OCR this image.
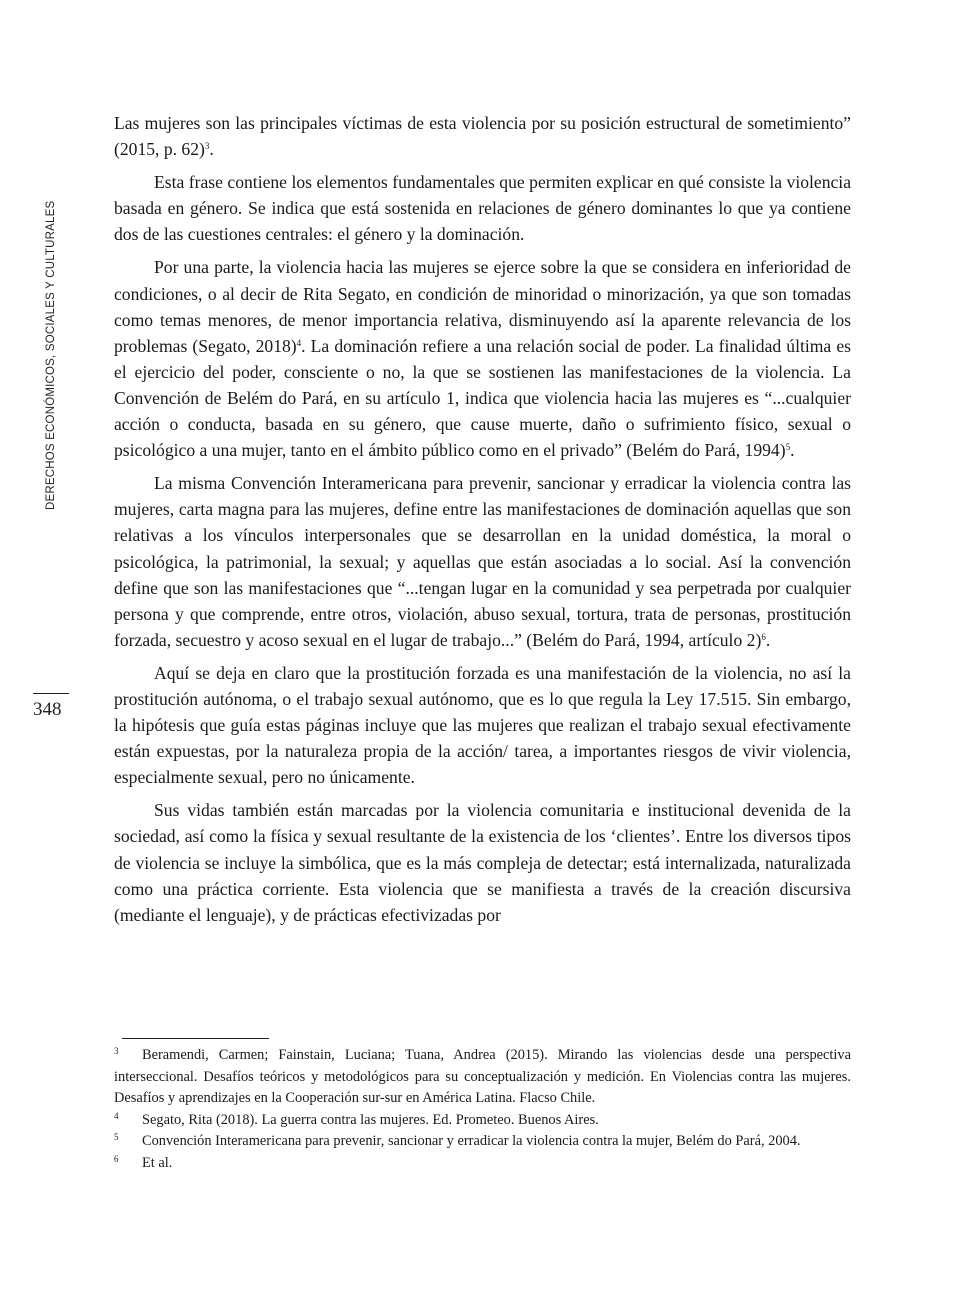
DERECHOS ECONÓMICOS, SOCIALES Y CULTURALES
348

Las mujeres son las principales víctimas de esta violencia por su posición estructural de sometimiento” (2015, p. 62)$^3$.

Esta frase contiene los elementos fundamentales que permiten explicar en qué consiste la violencia basada en género. Se indica que está sostenida en relaciones de género dominantes lo que ya contiene dos de las cuestiones centrales: el género y la dominación.

Por una parte, la violencia hacia las mujeres se ejerce sobre la que se considera en inferioridad de condiciones, o al decir de Rita Segato, en condición de minoridad o minorización, ya que son tomadas como temas menores, de menor importancia relativa, disminuyendo así la aparente relevancia de los problemas (Segato, 2018)$^4$. La dominación refiere a una relación social de poder. La finalidad última es el ejercicio del poder, consciente o no, la que se sostienen las manifestaciones de la violencia. La Convención de Belém do Pará, en su artículo 1, indica que violencia hacia las mujeres es “...cualquier acción o conducta, basada en su género, que cause muerte, daño o sufrimiento físico, sexual o psicológico a una mujer, tanto en el ámbito público como en el privado” (Belém do Pará, 1994)$^5$.

La misma Convención Interamericana para prevenir, sancionar y erradicar la violencia contra las mujeres, carta magna para las mujeres, define entre las manifestaciones de dominación aquellas que son relativas a los vínculos interpersonales que se desarrollan en la unidad doméstica, la moral o psicológica, la patrimonial, la sexual; y aquellas que están asociadas a lo social. Así la convención define que son las manifestaciones que “...tengan lugar en la comunidad y sea perpetrada por cualquier persona y que comprende, entre otros, violación, abuso sexual, tortura, trata de personas, prostitución forzada, secuestro y acoso sexual en el lugar de trabajo...” (Belém do Pará, 1994, artículo 2)$^6$.

Aquí se deja en claro que la prostitución forzada es una manifestación de la violencia, no así la prostitución autónoma, o el trabajo sexual autónomo, que es lo que regula la Ley 17.515. Sin embargo, la hipótesis que guía estas páginas incluye que las mujeres que realizan el trabajo sexual efectivamente están expuestas, por la naturaleza propia de la acción/ tarea, a importantes riesgos de vivir violencia, especialmente sexual, pero no únicamente.

Sus vidas también están marcadas por la violencia comunitaria e institucional devenida de la sociedad, así como la física y sexual resultante de la existencia de los ‘clientes’. Entre los diversos tipos de violencia se incluye la simbólica, que es la más compleja de detectar; está internalizada, naturalizada como una práctica corriente. Esta violencia que se manifiesta a través de la creación discursiva (mediante el lenguaje), y de prácticas efectivizadas por

3 Beramendi, Carmen; Fainstain, Luciana; Tuana, Andrea (2015). Mirando las violencias desde una perspectiva interseccional. Desafíos teóricos y metodológicos para su conceptualización y medición. En Violencias contra las mujeres. Desafíos y aprendizajes en la Cooperación sur-sur en América Latina. Flacso Chile.

4 Segato, Rita (2018). La guerra contra las mujeres. Ed. Prometeo. Buenos Aires.

5 Convención Interamericana para prevenir, sancionar y erradicar la violencia contra la mujer, Belém do Pará, 2004.

6 Et al.
